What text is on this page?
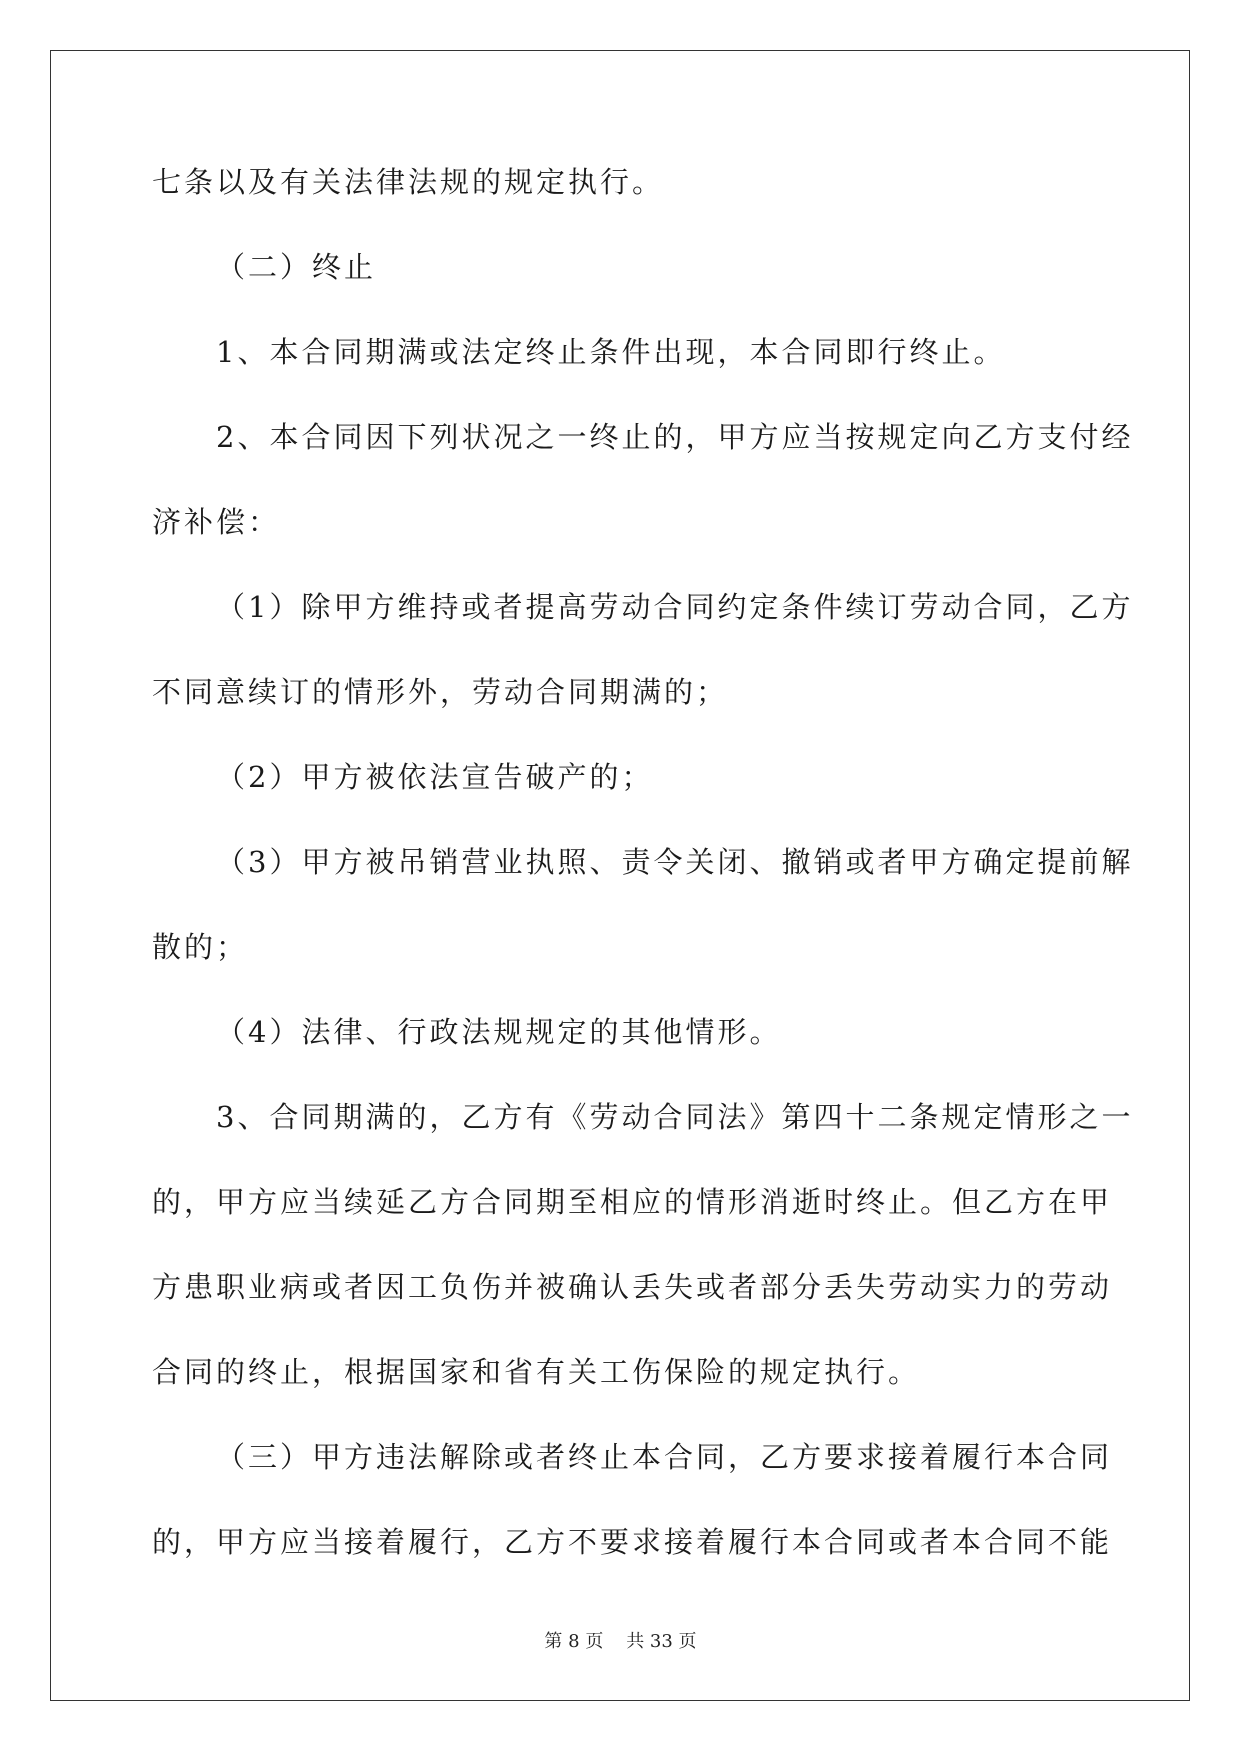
七条以及有关法律法规的规定执行。
（二）终止
1、本合同期满或法定终止条件出现，本合同即行终止。
2、本合同因下列状况之一终止的，甲方应当按规定向乙方支付经
济补偿：
（1）除甲方维持或者提高劳动合同约定条件续订劳动合同，乙方
不同意续订的情形外，劳动合同期满的；
（2）甲方被依法宣告破产的；
（3）甲方被吊销营业执照、责令关闭、撤销或者甲方确定提前解
散的；
（4）法律、行政法规规定的其他情形。
3、合同期满的，乙方有《劳动合同法》第四十二条规定情形之一
的，甲方应当续延乙方合同期至相应的情形消逝时终止。但乙方在甲
方患职业病或者因工负伤并被确认丢失或者部分丢失劳动实力的劳动
合同的终止，根据国家和省有关工伤保险的规定执行。
（三）甲方违法解除或者终止本合同，乙方要求接着履行本合同
的，甲方应当接着履行，乙方不要求接着履行本合同或者本合同不能
第 8 页    共 33 页
